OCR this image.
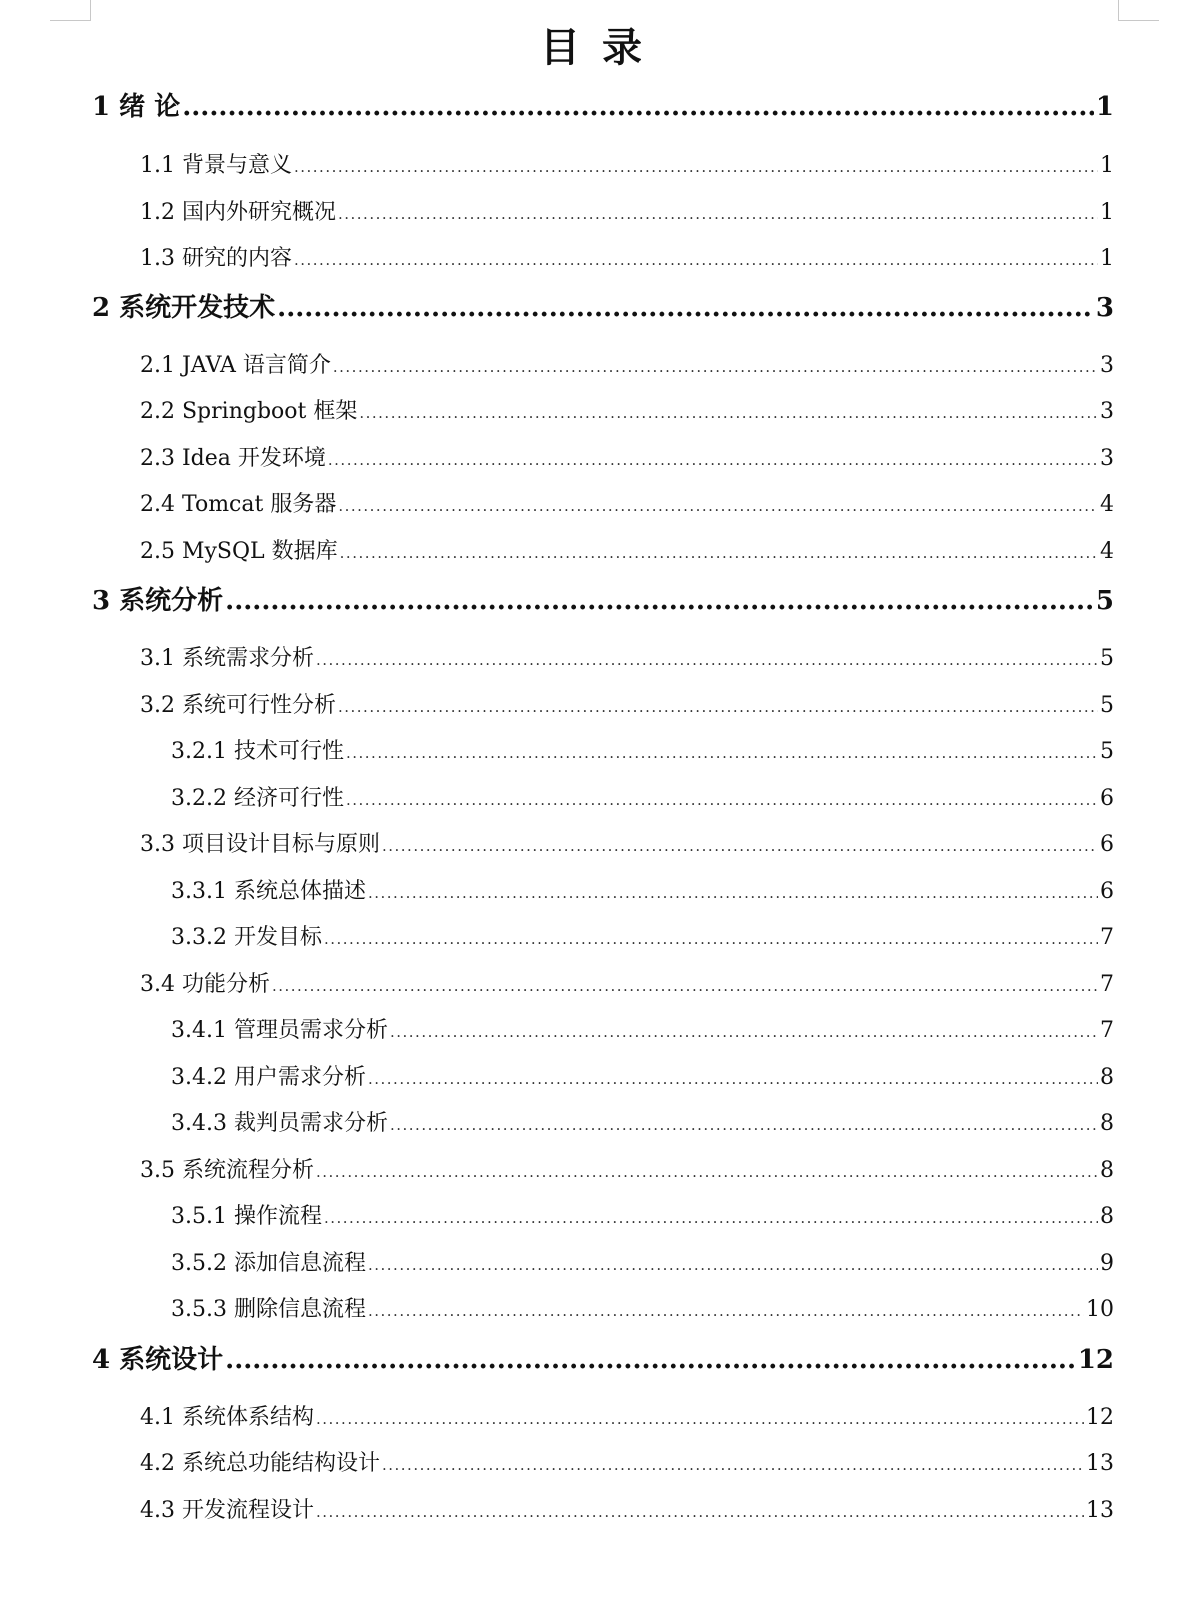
目录
1 绪 论 .....	1
1.1 背景与意义 .....	1
1.2 国内外研究概况 .....	1
1.3 研究的内容 .....	1
2 系统开发技术 .....	3
2.1 JAVA 语言简介 .....	3
2.2 Springboot 框架 .....	3
2.3 Idea 开发环境 .....	3
2.4 Tomcat 服务器 .....	4
2.5 MySQL 数据库 .....	4
3 系统分析 .....	5
3.1 系统需求分析 .....	5
3.2 系统可行性分析 .....	5
3.2.1 技术可行性 .....	5
3.2.2 经济可行性 .....	6
3.3 项目设计目标与原则 .....	6
3.3.1 系统总体描述 .....	6
3.3.2 开发目标 .....	7
3.4 功能分析 .....	7
3.4.1 管理员需求分析 .....	7
3.4.2 用户需求分析 .....	8
3.4.3 裁判员需求分析 .....	8
3.5 系统流程分析 .....	8
3.5.1 操作流程 .....	8
3.5.2 添加信息流程 .....	9
3.5.3 删除信息流程 .....	10
4 系统设计 .....	12
4.1 系统体系结构 .....	12
4.2 系统总功能结构设计 .....	13
4.3 开发流程设计 .....	13
